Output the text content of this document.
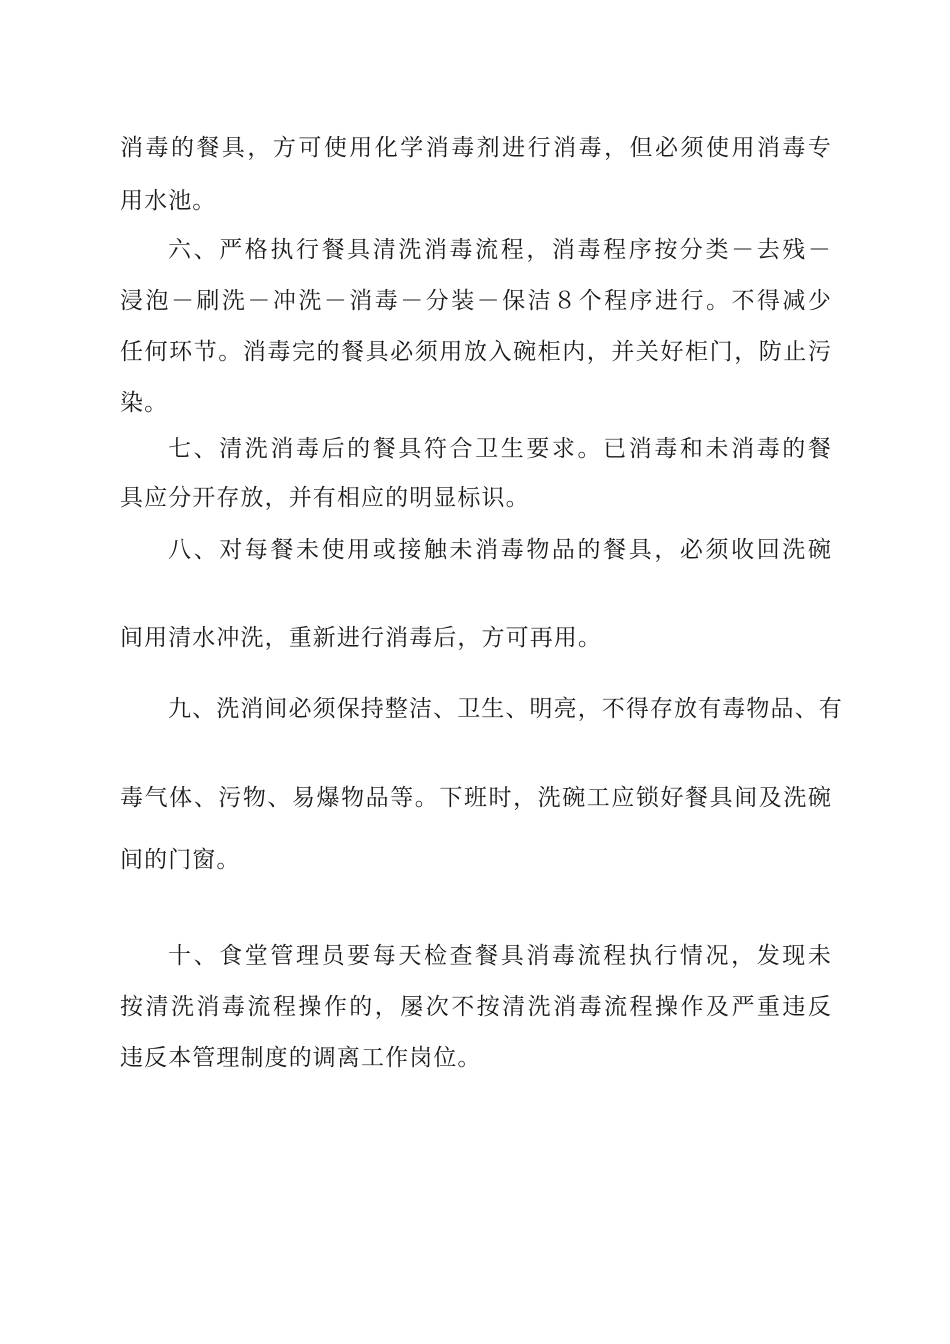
消毒的餐具，方可使用化学消毒剂进行消毒，但必须使用消毒专
用水池。
六、严格执行餐具清洗消毒流程，消毒程序按分类－去残－
浸泡－刷洗－冲洗－消毒－分装－保洁８个程序进行。不得减少
任何环节。消毒完的餐具必须用放入碗柜内，并关好柜门，防止污
染。
七、清洗消毒后的餐具符合卫生要求。已消毒和未消毒的餐
具应分开存放，并有相应的明显标识。
八、对每餐未使用或接触未消毒物品的餐具，必须收回洗碗
间用清水冲洗，重新进行消毒后，方可再用。
九、洗消间必须保持整洁、卫生、明亮，不得存放有毒物品、有
毒气体、污物、易爆物品等。下班时，洗碗工应锁好餐具间及洗碗
间的门窗。
十、食堂管理员要每天检查餐具消毒流程执行情况，发现未
按清洗消毒流程操作的，屡次不按清洗消毒流程操作及严重违反
违反本管理制度的调离工作岗位。
